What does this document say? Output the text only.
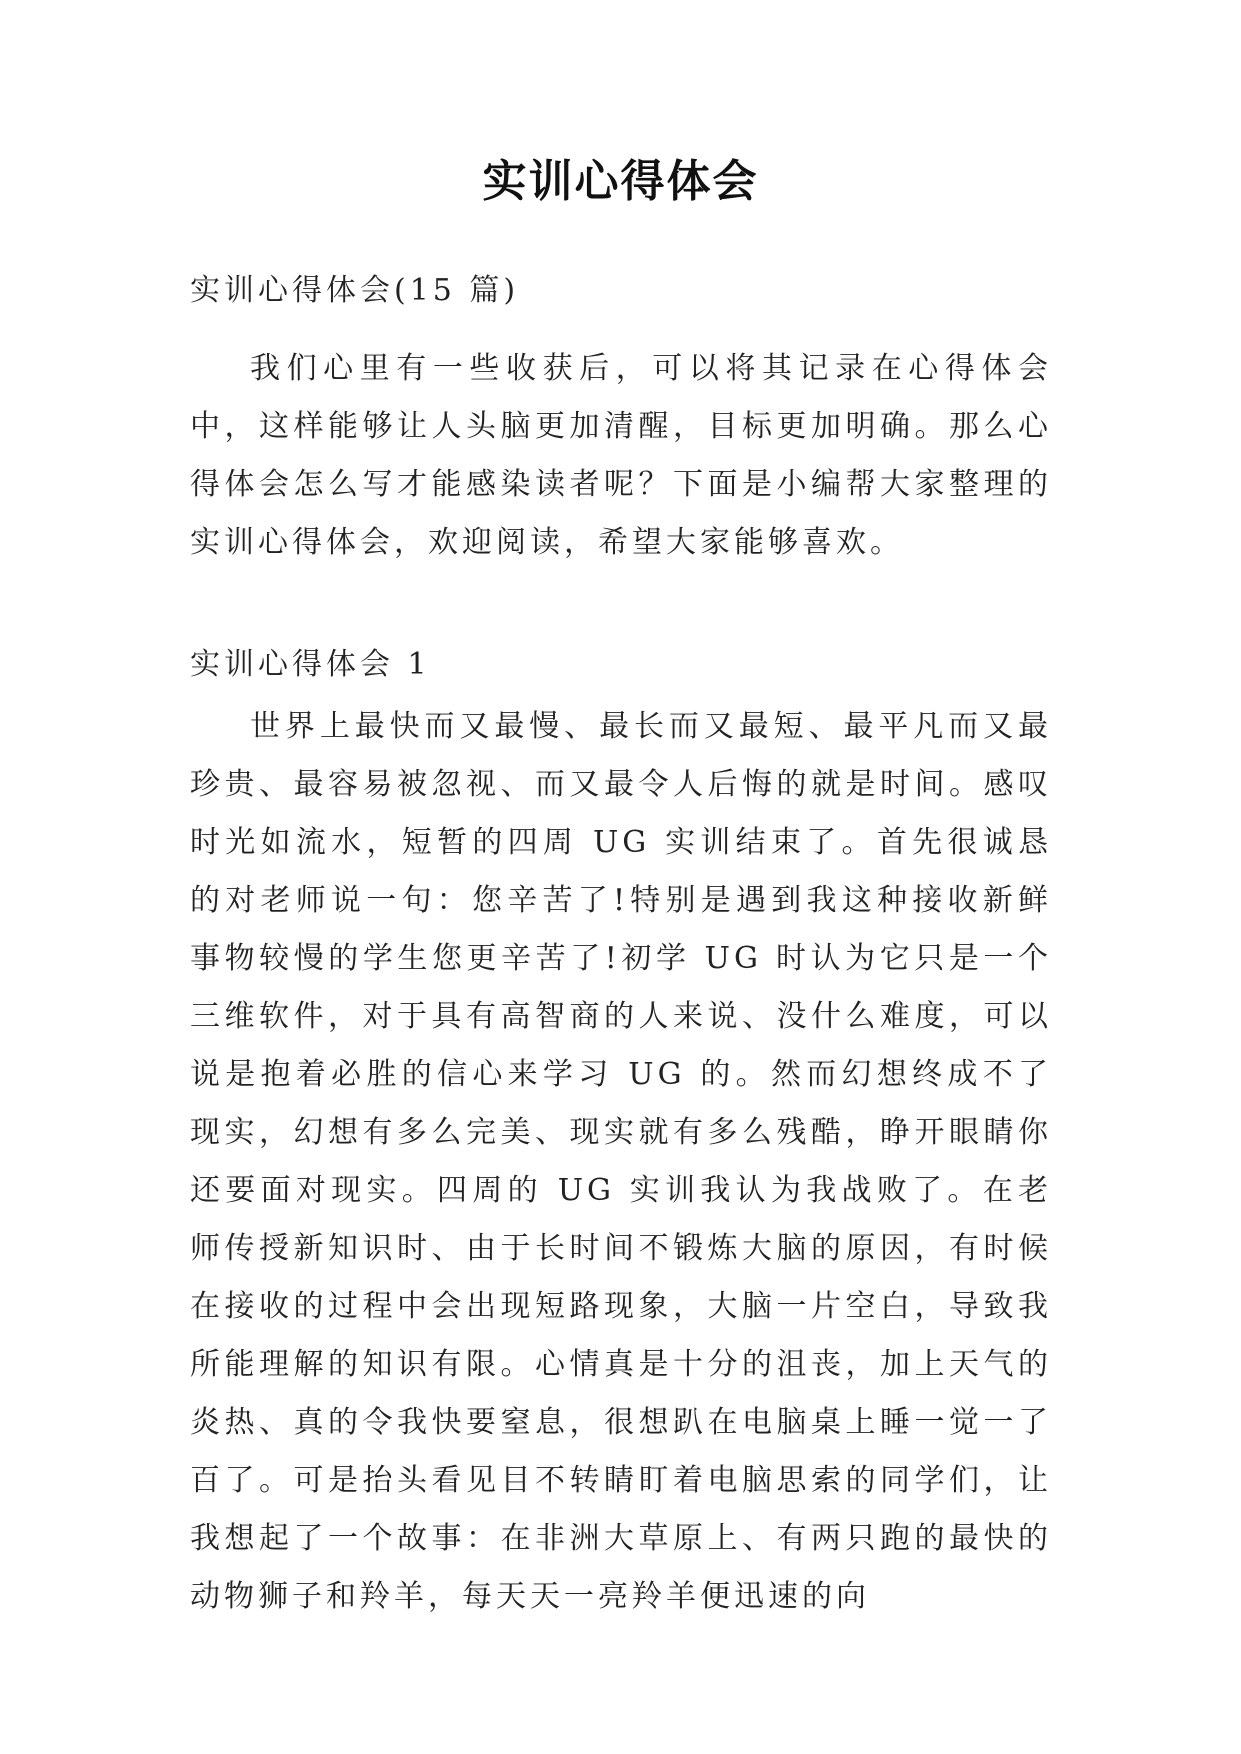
实训心得体会
实训心得体会(15 篇)
我们心里有一些收获后，可以将其记录在心得体会中，这样能够让人头脑更加清醒，目标更加明确。那么心得体会怎么写才能感染读者呢？下面是小编帮大家整理的实训心得体会，欢迎阅读，希望大家能够喜欢。
实训心得体会 1
世界上最快而又最慢、最长而又最短、最平凡而又最珍贵、最容易被忽视、而又最令人后悔的就是时间。感叹时光如流水，短暂的四周 UG 实训结束了。首先很诚恳的对老师说一句：您辛苦了!特别是遇到我这种接收新鲜事物较慢的学生您更辛苦了!初学 UG 时认为它只是一个三维软件，对于具有高智商的人来说、没什么难度，可以说是抱着必胜的信心来学习 UG 的。然而幻想终成不了现实，幻想有多么完美、现实就有多么残酷，睁开眼睛你还要面对现实。四周的 UG 实训我认为我战败了。在老师传授新知识时、由于长时间不锻炼大脑的原因，有时候在接收的过程中会出现短路现象，大脑一片空白，导致我所能理解的知识有限。心情真是十分的沮丧，加上天气的炎热、真的令我快要窒息，很想趴在电脑桌上睡一觉一了百了。可是抬头看见目不转睛盯着电脑思索的同学们，让我想起了一个故事：在非洲大草原上、有两只跑的最快的动物狮子和羚羊，每天天一亮羚羊便迅速的向
